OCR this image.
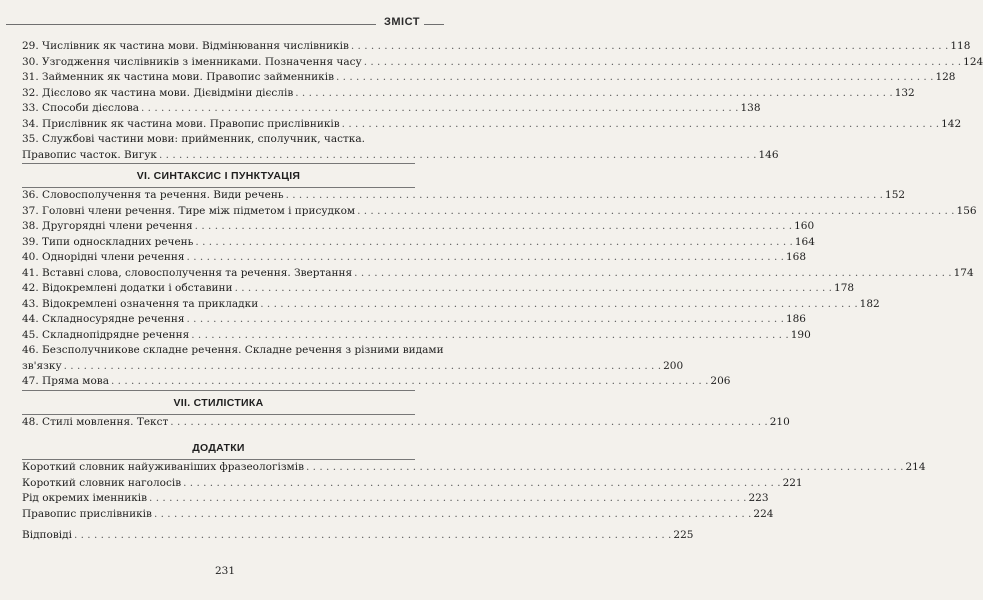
ЗМІСТ
29. Числівник як частина мови. Відмінювання числівників . . .	118
30. Узгодження числівників з іменниками. Позначення часу . . .	124
31. Займенник як частина мови. Правопис займенників . . .	128
32. Дієслово як частина мови. Дієвідміни дієслів . . .	132
33. Способи дієслова . . .	138
34. Прислівник як частина мови. Правопис прислівників . . .	142
35. Службові частини мови: прийменник, сполучник, частка.
Правопис часток. Вигук . . .	146
VI. СИНТАКСИС І ПУНКТУАЦІЯ
36. Словосполучення та речення. Види речень . . .	152
37. Головні члени речення. Тире між підметом і присудком . . .	156
38. Другорядні члени речення . . .	160
39. Типи односкладних речень . . .	164
40. Однорідні члени речення . . .	168
41. Вставні слова, словосполучення та речення. Звертання . . .	174
42. Відокремлені додатки і обставини . . .	178
43. Відокремлені означення та прикладки . . .	182
44. Складносурядне речення . . .	186
45. Складнопідрядне речення . . .	190
46. Безсполучникове складне речення. Складне речення з різними видами
зв'язку . . .	200
47. Пряма мова . . .	206
VII. СТИЛІСТИКА
48. Стилі мовлення. Текст . . .	210
ДОДАТКИ
Короткий словник найуживаніших фразеологізмів . . .	214
Короткий словник наголосів . . .	221
Рід окремих іменників . . .	223
Правопис прислівників . . .	224
Відповіді . . .	225
231
